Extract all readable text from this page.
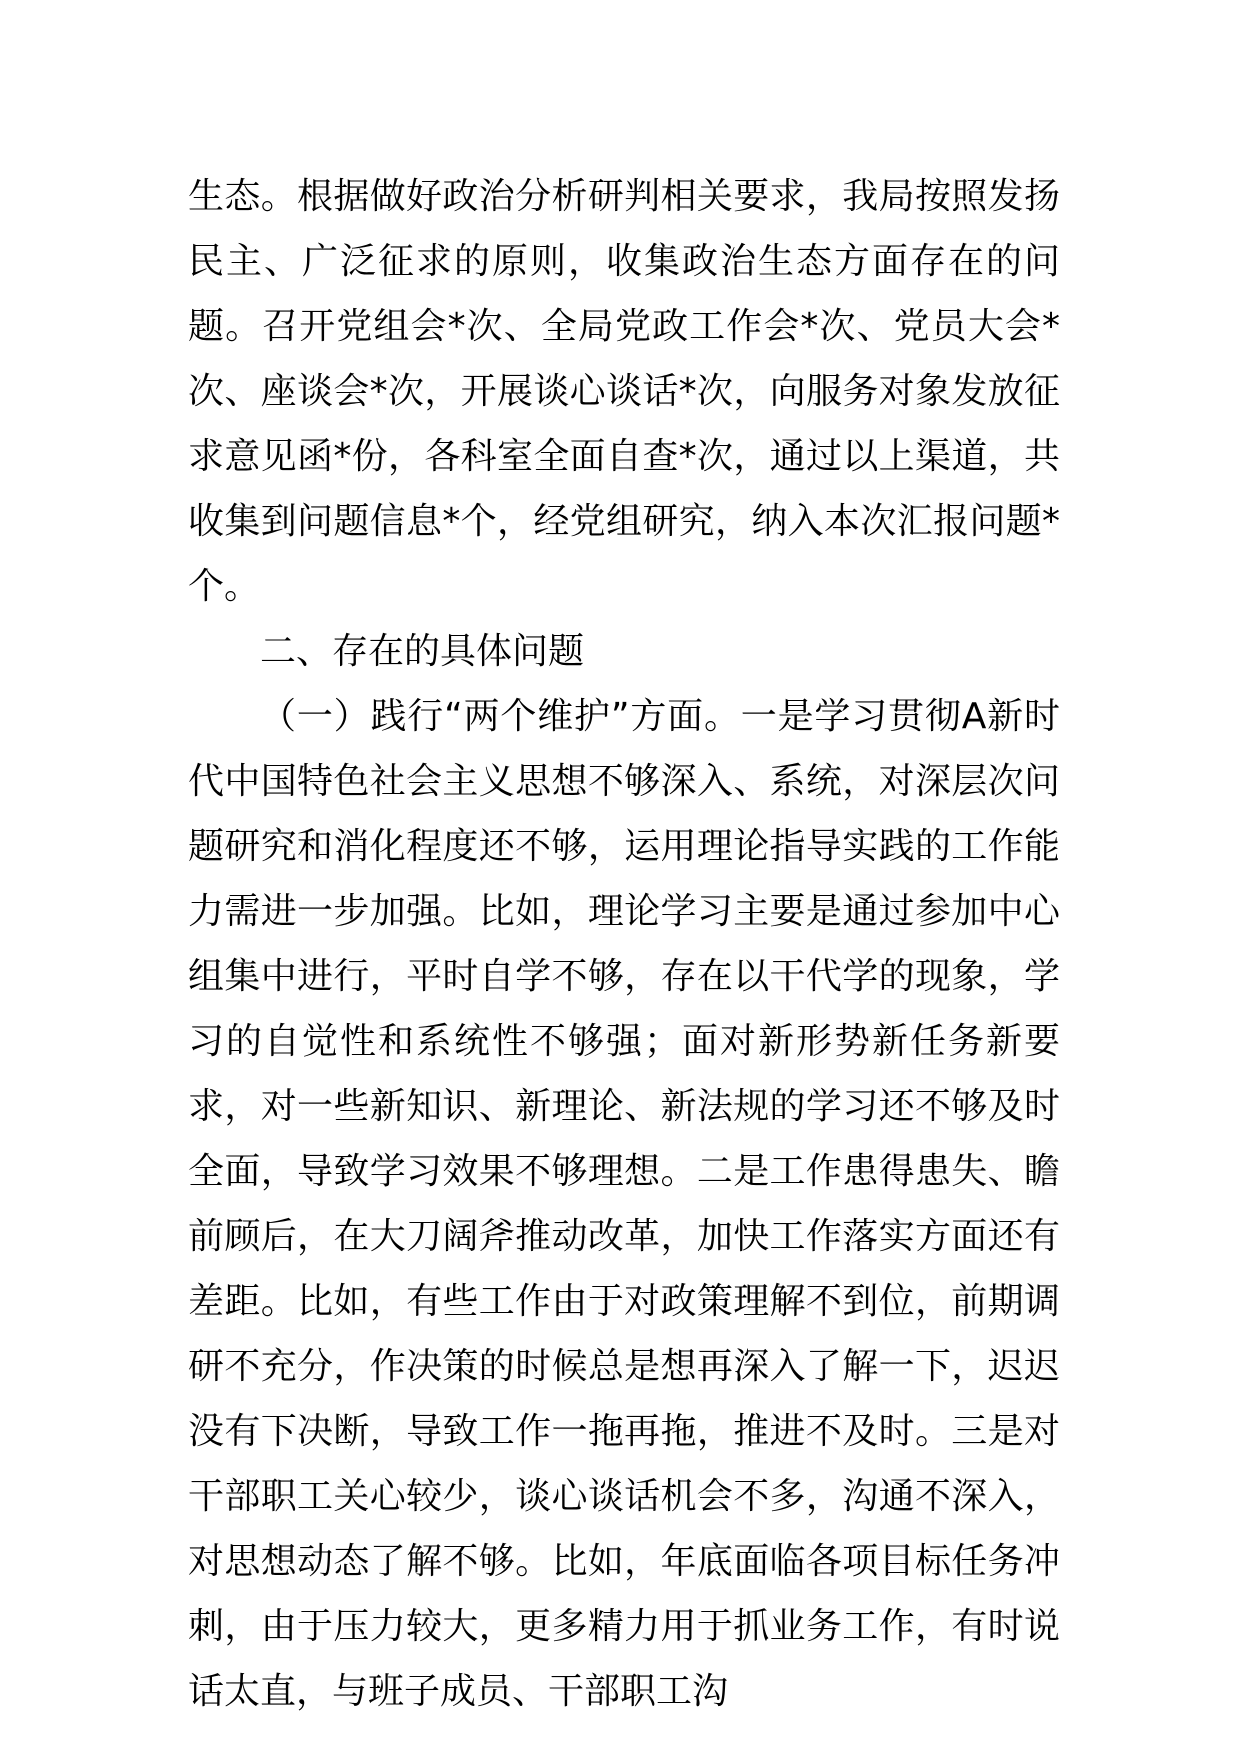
生态。根据做好政治分析研判相关要求，我局按照发扬民主、广泛征求的原则，收集政治生态方面存在的问题。召开党组会*次、全局党政工作会*次、党员大会*次、座谈会*次，开展谈心谈话*次，向服务对象发放征求意见函*份，各科室全面自查*次，通过以上渠道，共收集到问题信息*个，经党组研究，纳入本次汇报问题*个。

二、存在的具体问题

（一）践行“两个维护”方面。一是学习贯彻A新时代中国特色社会主义思想不够深入、系统，对深层次问题研究和消化程度还不够，运用理论指导实践的工作能力需进一步加强。比如，理论学习主要是通过参加中心组集中进行，平时自学不够，存在以干代学的现象，学习的自觉性和系统性不够强；面对新形势新任务新要求，对一些新知识、新理论、新法规的学习还不够及时全面，导致学习效果不够理想。二是工作患得患失、瞻前顾后，在大刀阔斧推动改革，加快工作落实方面还有差距。比如，有些工作由于对政策理解不到位，前期调研不充分，作决策的时候总是想再深入了解一下，迟迟没有下决断，导致工作一拖再拖，推进不及时。三是对干部职工关心较少，谈心谈话机会不多，沟通不深入，对思想动态了解不够。比如，年底面临各项目标任务冲刺，由于压力较大，更多精力用于抓业务工作，有时说话太直，与班子成员、干部职工沟
